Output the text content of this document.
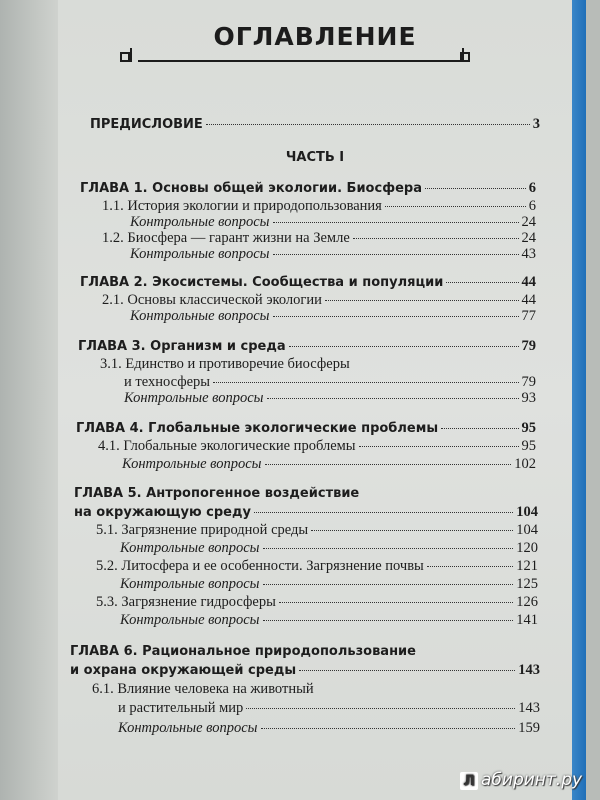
ОГЛАВЛЕНИЕ
ПРЕДИСЛОВИЕ	3
ЧАСТЬ I
ГЛАВА 1. Основы общей экологии. Биосфера	6
1.1. История экологии и природопользования	6
Контрольные вопросы	24
1.2. Биосфера — гарант жизни на Земле	24
Контрольные вопросы	43
ГЛАВА 2. Экосистемы. Сообщества и популяции	44
2.1. Основы классической экологии	44
Контрольные вопросы	77
ГЛАВА 3. Организм и среда	79
3.1. Единство и противоречие биосферы
и техносферы	79
Контрольные вопросы	93
ГЛАВА 4. Глобальные экологические проблемы	95
4.1. Глобальные экологические проблемы	95
Контрольные вопросы	102
ГЛАВА 5. Антропогенное воздействие
на окружающую среду	104
5.1. Загрязнение природной среды	104
Контрольные вопросы	120
5.2. Литосфера и ее особенности. Загрязнение почвы	121
Контрольные вопросы	125
5.3. Загрязнение гидросферы	126
Контрольные вопросы	141
ГЛАВА 6. Рациональное природопользование
и охрана окружающей среды	143
6.1. Влияние человека на животный
и растительный мир	143
Контрольные вопросы	159
Л абиринт.ру
